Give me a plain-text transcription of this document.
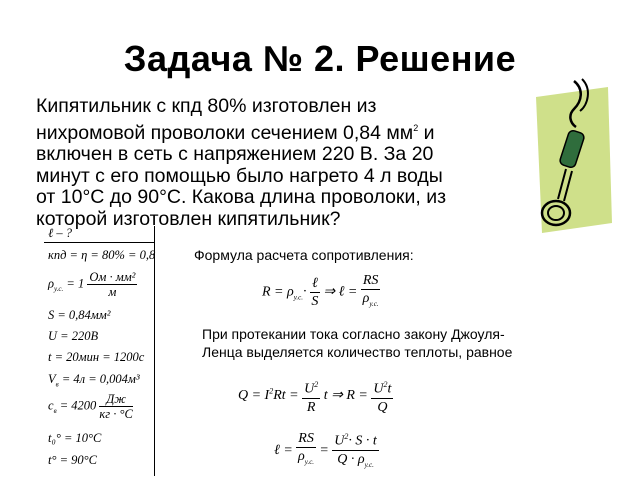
Задача № 2. Решение
Кипятильник с кпд 80% изготовлен из
нихромовой проволоки сечением 0,84 $мм^2$ и
включен в сеть с напряжением 220 В. За 20
минут с его помощью было нагрето 4 л воды
от 10°С до 90°С. Какова длина проволоки, из
которой изготовлен кипятильник?
ℓ – ?
кпд = η = 80% = 0,8
$\rho_{у.с.} = 1 \frac{\text{Ом · мм²}}{м}$
S = 0,84мм²
U = 220B
t = 20мин = 1200с
$V_в = 4л = 0,004м^3$
$c_в = 4200 \frac{Дж}{кг \cdot ^\circ С}$
t₀° = 10°C
t° = 90°C
Формула расчета сопротивления:
$R = \rho_{у.с.}\cdot \frac{\text{ℓ}}{S}$ ⇒ ℓ = $\frac{RS}{\rho_{у.с.}}$
При протекании тока согласно закону Джоуля-
Ленца выделяется количество теплоты, равное
$Q = I^2Rt = \frac{U^2}{R}$ t ⇒ $R = \frac{U^2t}{Q}$
ℓ = $\frac{RS}{\rho_{у.с.}} = \frac{U^2\cdot S \cdot t}{Q \cdot \rho_{у.с.}}$
